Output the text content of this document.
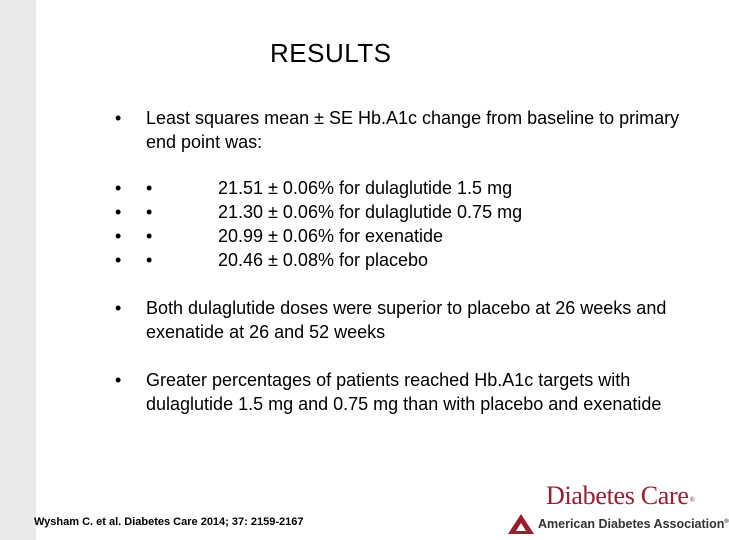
RESULTS
• Least squares mean ± SE Hb.A1c change from baseline to primary end point was:
• •	21.51 ± 0.06% for dulaglutide 1.5 mg
• •	21.30 ± 0.06% for dulaglutide 0.75 mg
• •	20.99 ± 0.06% for exenatide
• •	20.46 ± 0.08% for placebo
• Both dulaglutide doses were superior to placebo at 26 weeks and exenatide at 26 and 52 weeks
• Greater percentages of patients reached Hb.A1c targets with dulaglutide 1.5 mg and 0.75 mg than with placebo and exenatide
Wysham C. et al. Diabetes Care 2014; 37: 2159-2167
Diabetes Care®
American Diabetes Association®
